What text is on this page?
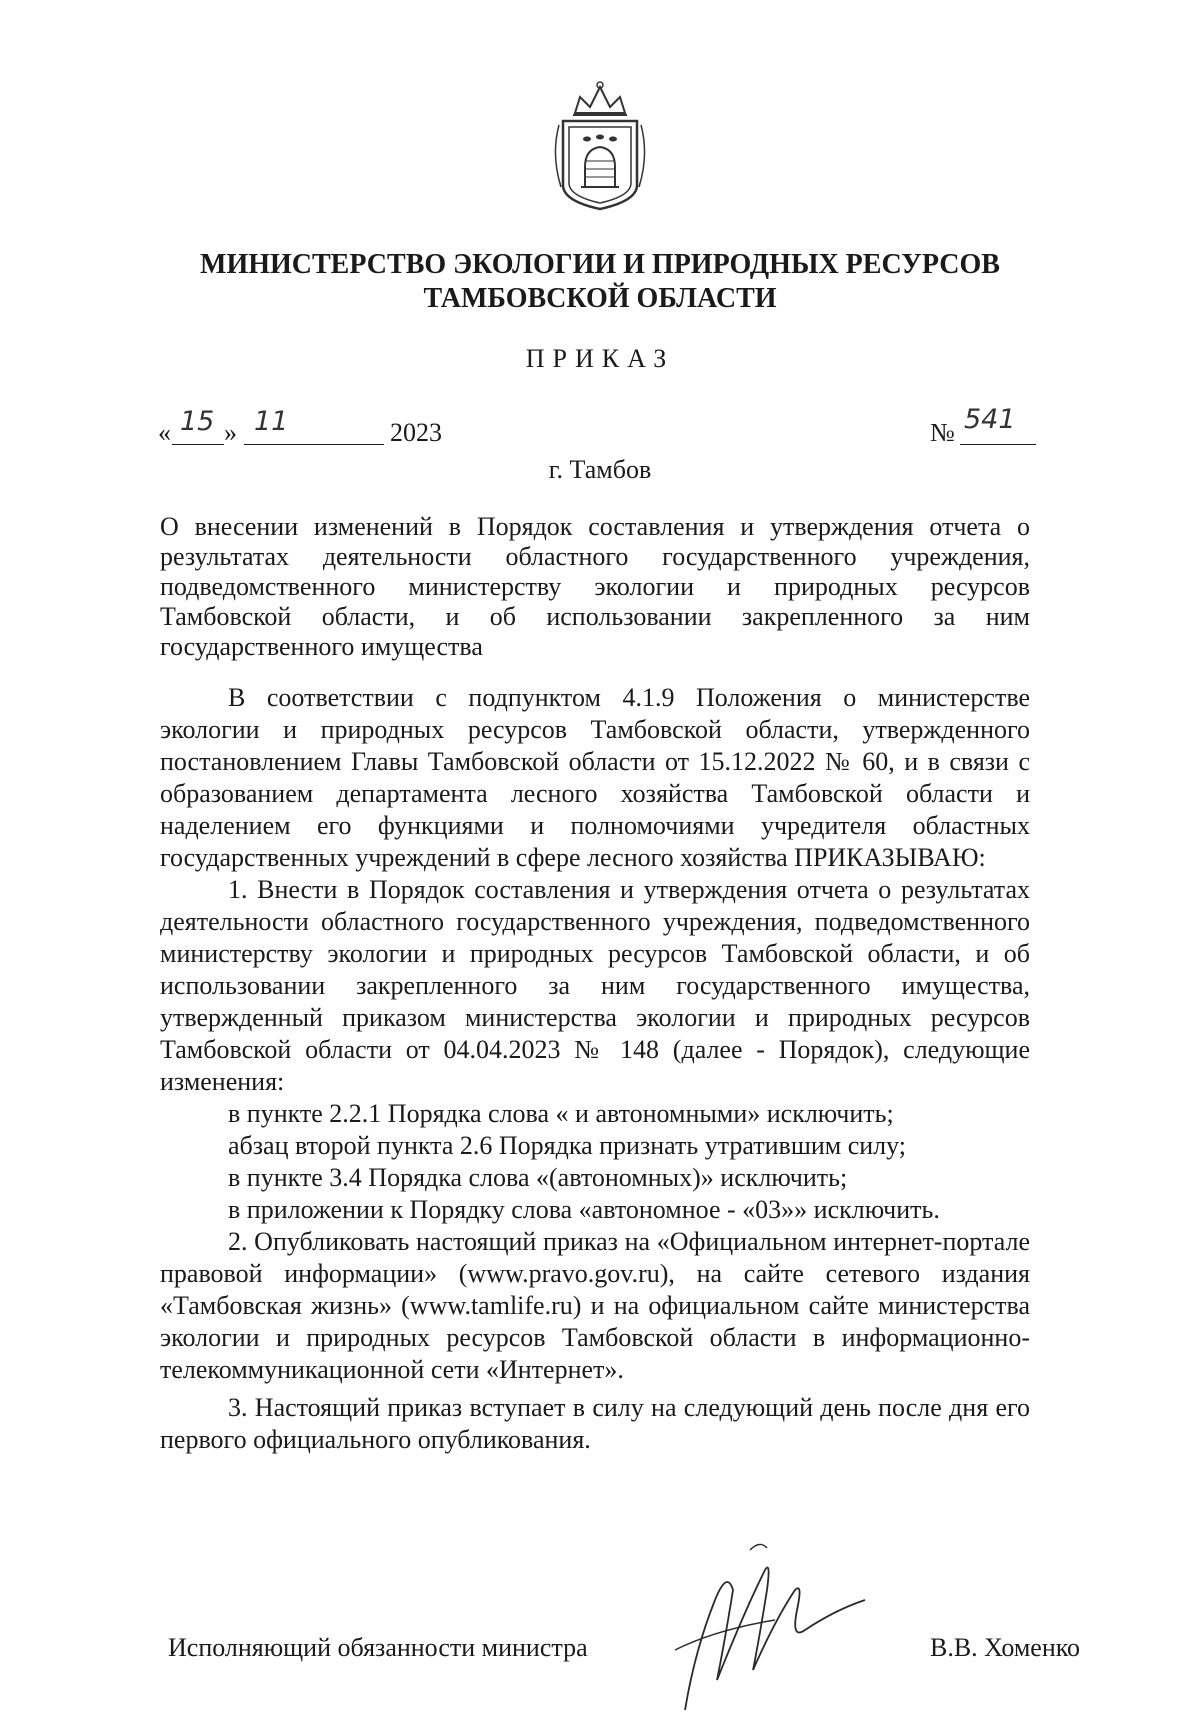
МИНИСТЕРСТВО ЭКОЛОГИИ И ПРИРОДНЫХ РЕСУРСОВ
ТАМБОВСКОЙ ОБЛАСТИ
ПРИКАЗ
« 15 » 11	2023	№ 541
г. Тамбов
О внесении изменений в Порядок составления и утверждения отчета о результатах деятельности областного государственного учреждения, подведомственного министерству экологии и природных ресурсов Тамбовской области, и об использовании закрепленного за ним государственного имущества

В соответствии с подпунктом 4.1.9 Положения о министерстве экологии и природных ресурсов Тамбовской области, утвержденного постановлением Главы Тамбовской области от 15.12.2022 № 60, и в связи с образованием департамента лесного хозяйства Тамбовской области и наделением его функциями и полномочиями учредителя областных государственных учреждений в сфере лесного хозяйства ПРИКАЗЫВАЮ:

1. Внести в Порядок составления и утверждения отчета о результатах деятельности областного государственного учреждения, подведомственного министерству экологии и природных ресурсов Тамбовской области, и об использовании закрепленного за ним государственного имущества, утвержденный приказом министерства экологии и природных ресурсов Тамбовской области от 04.04.2023 № 148 (далее - Порядок), следующие изменения:

в пункте 2.2.1 Порядка слова « и автономными» исключить;

абзац второй пункта 2.6 Порядка признать утратившим силу;

в пункте 3.4 Порядка слова «(автономных)» исключить;

в приложении к Порядку слова «автономное - «03»» исключить.

2. Опубликовать настоящий приказ на «Официальном интернет-портале правовой информации» (www.pravo.gov.ru), на сайте сетевого издания «Тамбовская жизнь» (www.tamlife.ru) и на официальном сайте министерства экологии и природных ресурсов Тамбовской области в информационно-телекоммуникационной сети «Интернет».

3. Настоящий приказ вступает в силу на следующий день после дня его первого официального опубликования.

Исполняющий обязанности министра	В.В. Хоменко
